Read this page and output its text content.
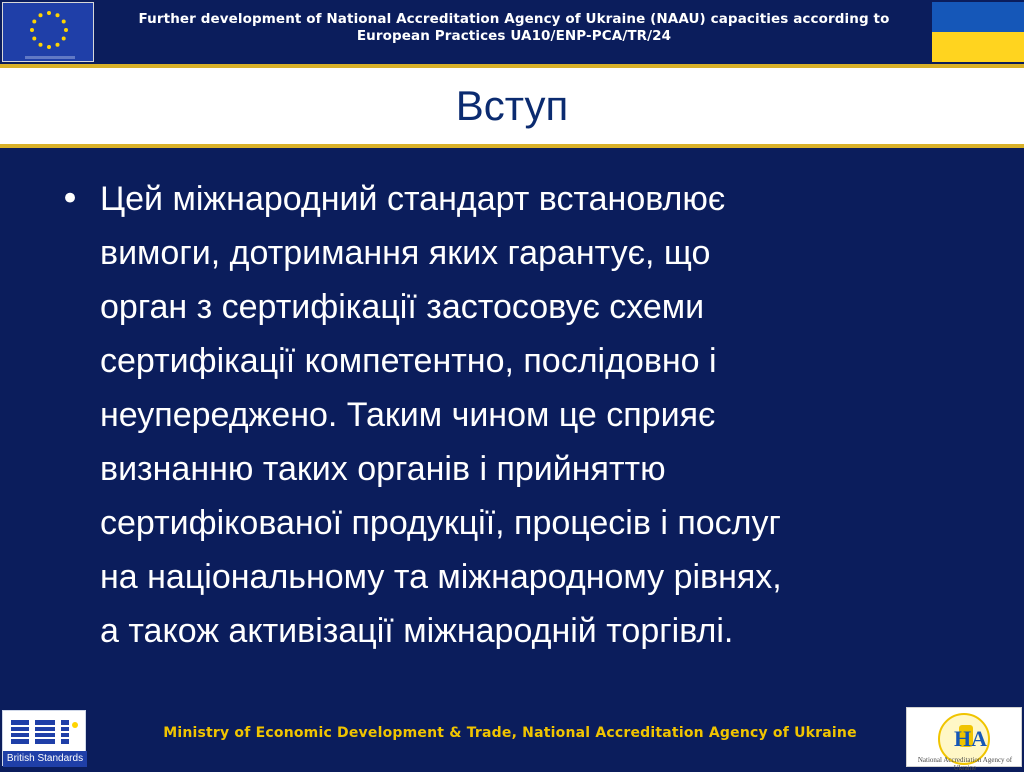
Further development of National Accreditation Agency of Ukraine (NAAU) capacities according to
European Practices UA10/ENP-PCA/TR/24
Вступ
• Цей міжнародний стандарт встановлює
вимоги, дотримання яких гарантує, що
орган з сертифікації застосовує схеми
сертифікації компетентно, послідовно і
неупереджено. Таким чином це сприяє
визнанню таких органів і прийняттю
сертифікованої продукції, процесів і послуг
на національному та міжнародному рівнях,
а також активізації міжнародній торгівлі.
British Standards
Ministry of Economic Development & Trade, National Accreditation Agency of Ukraine	НА
National Accreditation Agency of Ukraine
